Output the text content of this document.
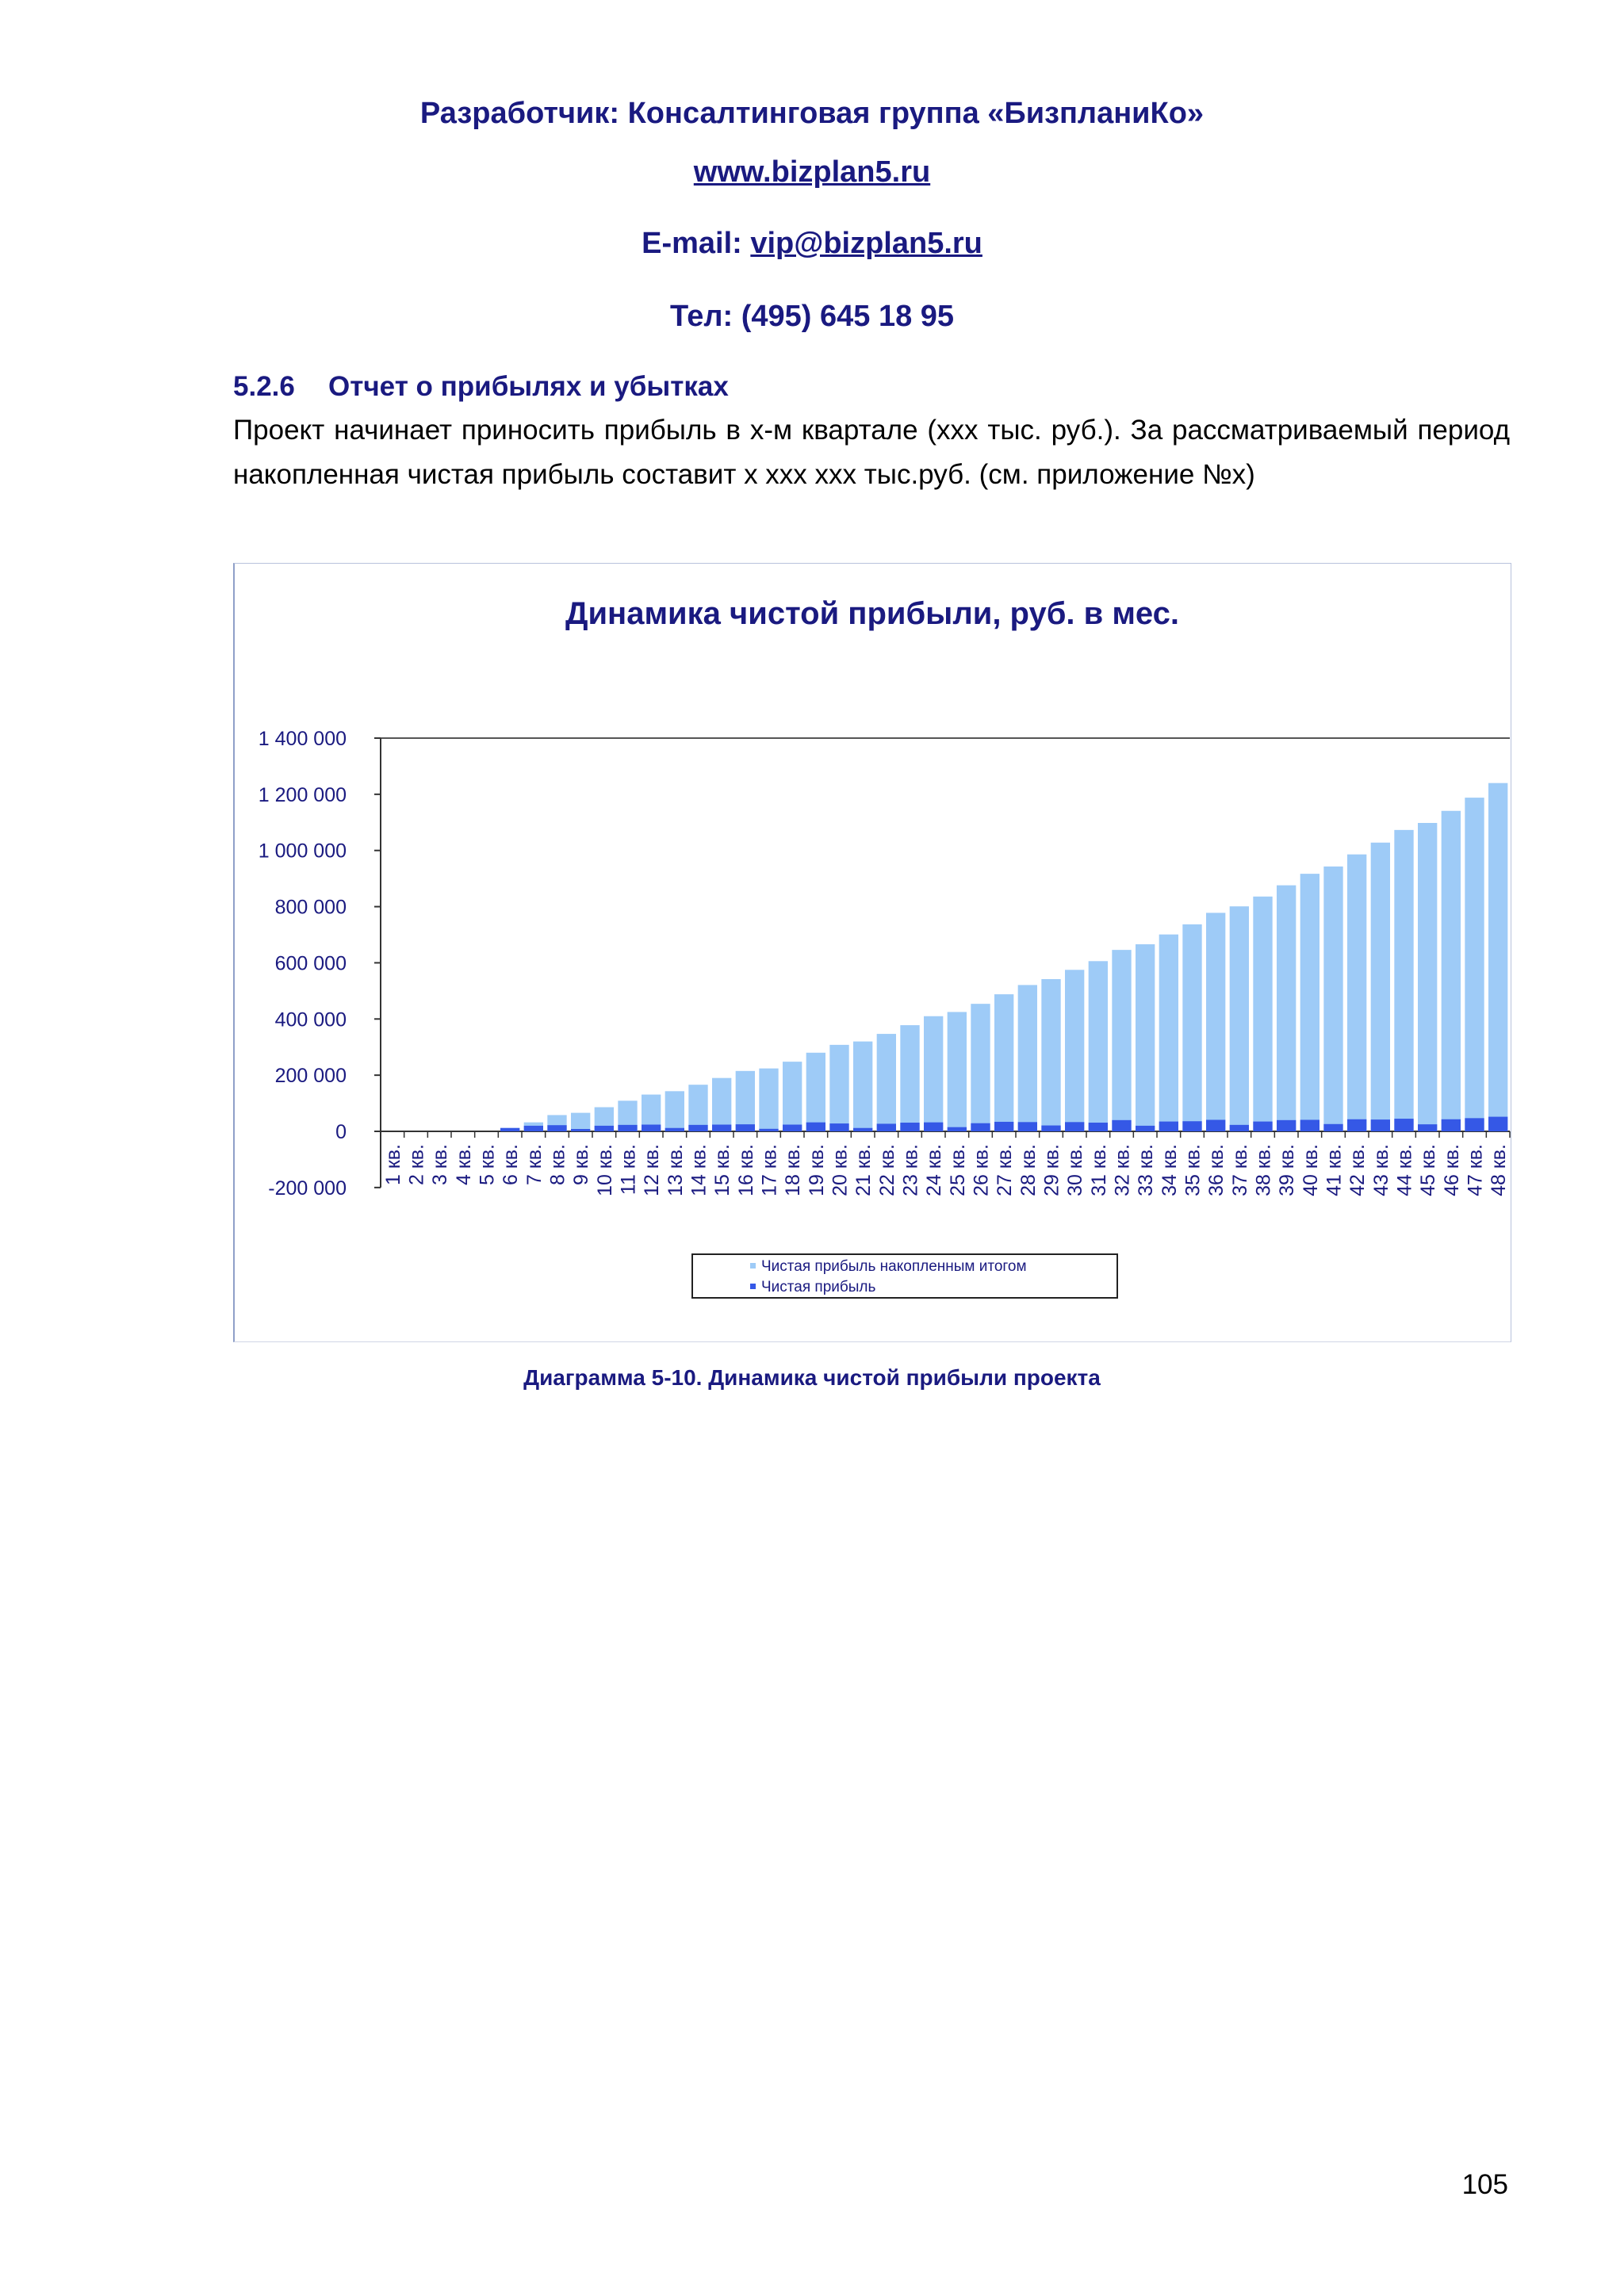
Разработчик: Консалтинговая группа «БизпланиКо»
www.bizplan5.ru
E-mail: vip@bizplan5.ru
Тел: (495) 645 18 95
5.2.6 Отчет о прибылях и убытках
Проект начинает приносить прибыль в х-м квартале (ххх тыс. руб.). За рассматриваемый период накопленная чистая прибыль составит х ххх ххх тыс.руб. (см. приложение №х)
Динамика чистой прибыли, руб. в мес.
1 400 000
1 200 000
1 000 000
800 000
600 000
400 000
200 000
0
-200 000
1 кв. 2 кв. 3 кв. 4 кв. 5 кв. 6 кв. 7 кв. 8 кв. 9 кв. 10 кв. 11 кв. 12 кв. 13 кв. 14 кв. 15 кв. 16 кв. 17 кв. 18 кв. 19 кв. 20 кв. 21 кв. 22 кв. 23 кв. 24 кв. 25 кв. 26 кв. 27 кв. 28 кв. 29 кв. 30 кв. 31 кв. 32 кв. 33 кв. 34 кв. 35 кв. 36 кв. 37 кв. 38 кв. 39 кв. 40 кв. 41 кв. 42 кв. 43 кв. 44 кв. 45 кв. 46 кв. 47 кв. 48 кв.
Чистая прибыль накопленным итогом
Чистая прибыль
Диаграмма 5-10. Динамика чистой прибыли проекта
105
